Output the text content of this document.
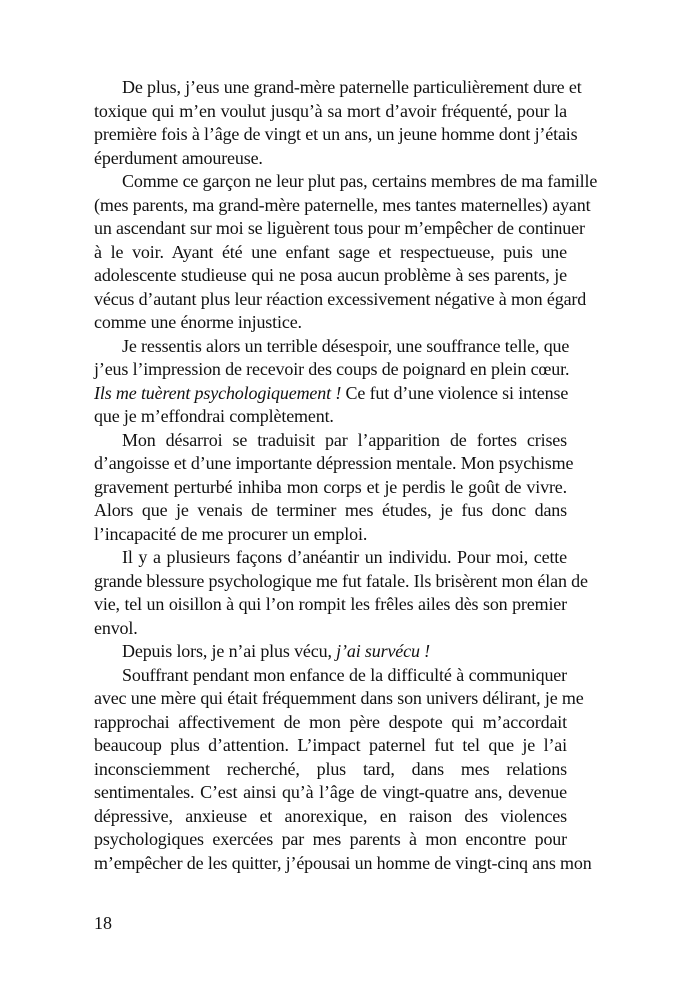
De plus, j’eus une grand-mère paternelle particulièrement dure et
toxique qui m’en voulut jusqu’à sa mort d’avoir fréquenté, pour la
première fois à l’âge de vingt et un ans, un jeune homme dont j’étais
éperdument amoureuse.
Comme ce garçon ne leur plut pas, certains membres de ma famille
(mes parents, ma grand-mère paternelle, mes tantes maternelles) ayant
un ascendant sur moi se liguèrent tous pour m’empêcher de continuer
à le voir. Ayant été une enfant sage et respectueuse, puis une
adolescente studieuse qui ne posa aucun problème à ses parents, je
vécus d’autant plus leur réaction excessivement négative à mon égard
comme une énorme injustice.
Je ressentis alors un terrible désespoir, une souffrance telle, que
j’eus l’impression de recevoir des coups de poignard en plein cœur.
Ils me tuèrent psychologiquement ! Ce fut d’une violence si intense
que je m’effondrai complètement.
Mon désarroi se traduisit par l’apparition de fortes crises
d’angoisse et d’une importante dépression mentale. Mon psychisme
gravement perturbé inhiba mon corps et je perdis le goût de vivre.
Alors que je venais de terminer mes études, je fus donc dans
l’incapacité de me procurer un emploi.
Il y a plusieurs façons d’anéantir un individu. Pour moi, cette
grande blessure psychologique me fut fatale. Ils brisèrent mon élan de
vie, tel un oisillon à qui l’on rompit les frêles ailes dès son premier
envol.
Depuis lors, je n’ai plus vécu, j’ai survécu !
Souffrant pendant mon enfance de la difficulté à communiquer
avec une mère qui était fréquemment dans son univers délirant, je me
rapprochai affectivement de mon père despote qui m’accordait
beaucoup plus d’attention. L’impact paternel fut tel que je l’ai
inconsciemment recherché, plus tard, dans mes relations
sentimentales. C’est ainsi qu’à l’âge de vingt-quatre ans, devenue
dépressive, anxieuse et anorexique, en raison des violences
psychologiques exercées par mes parents à mon encontre pour
m’empêcher de les quitter, j’épousai un homme de vingt-cinq ans mon
18
